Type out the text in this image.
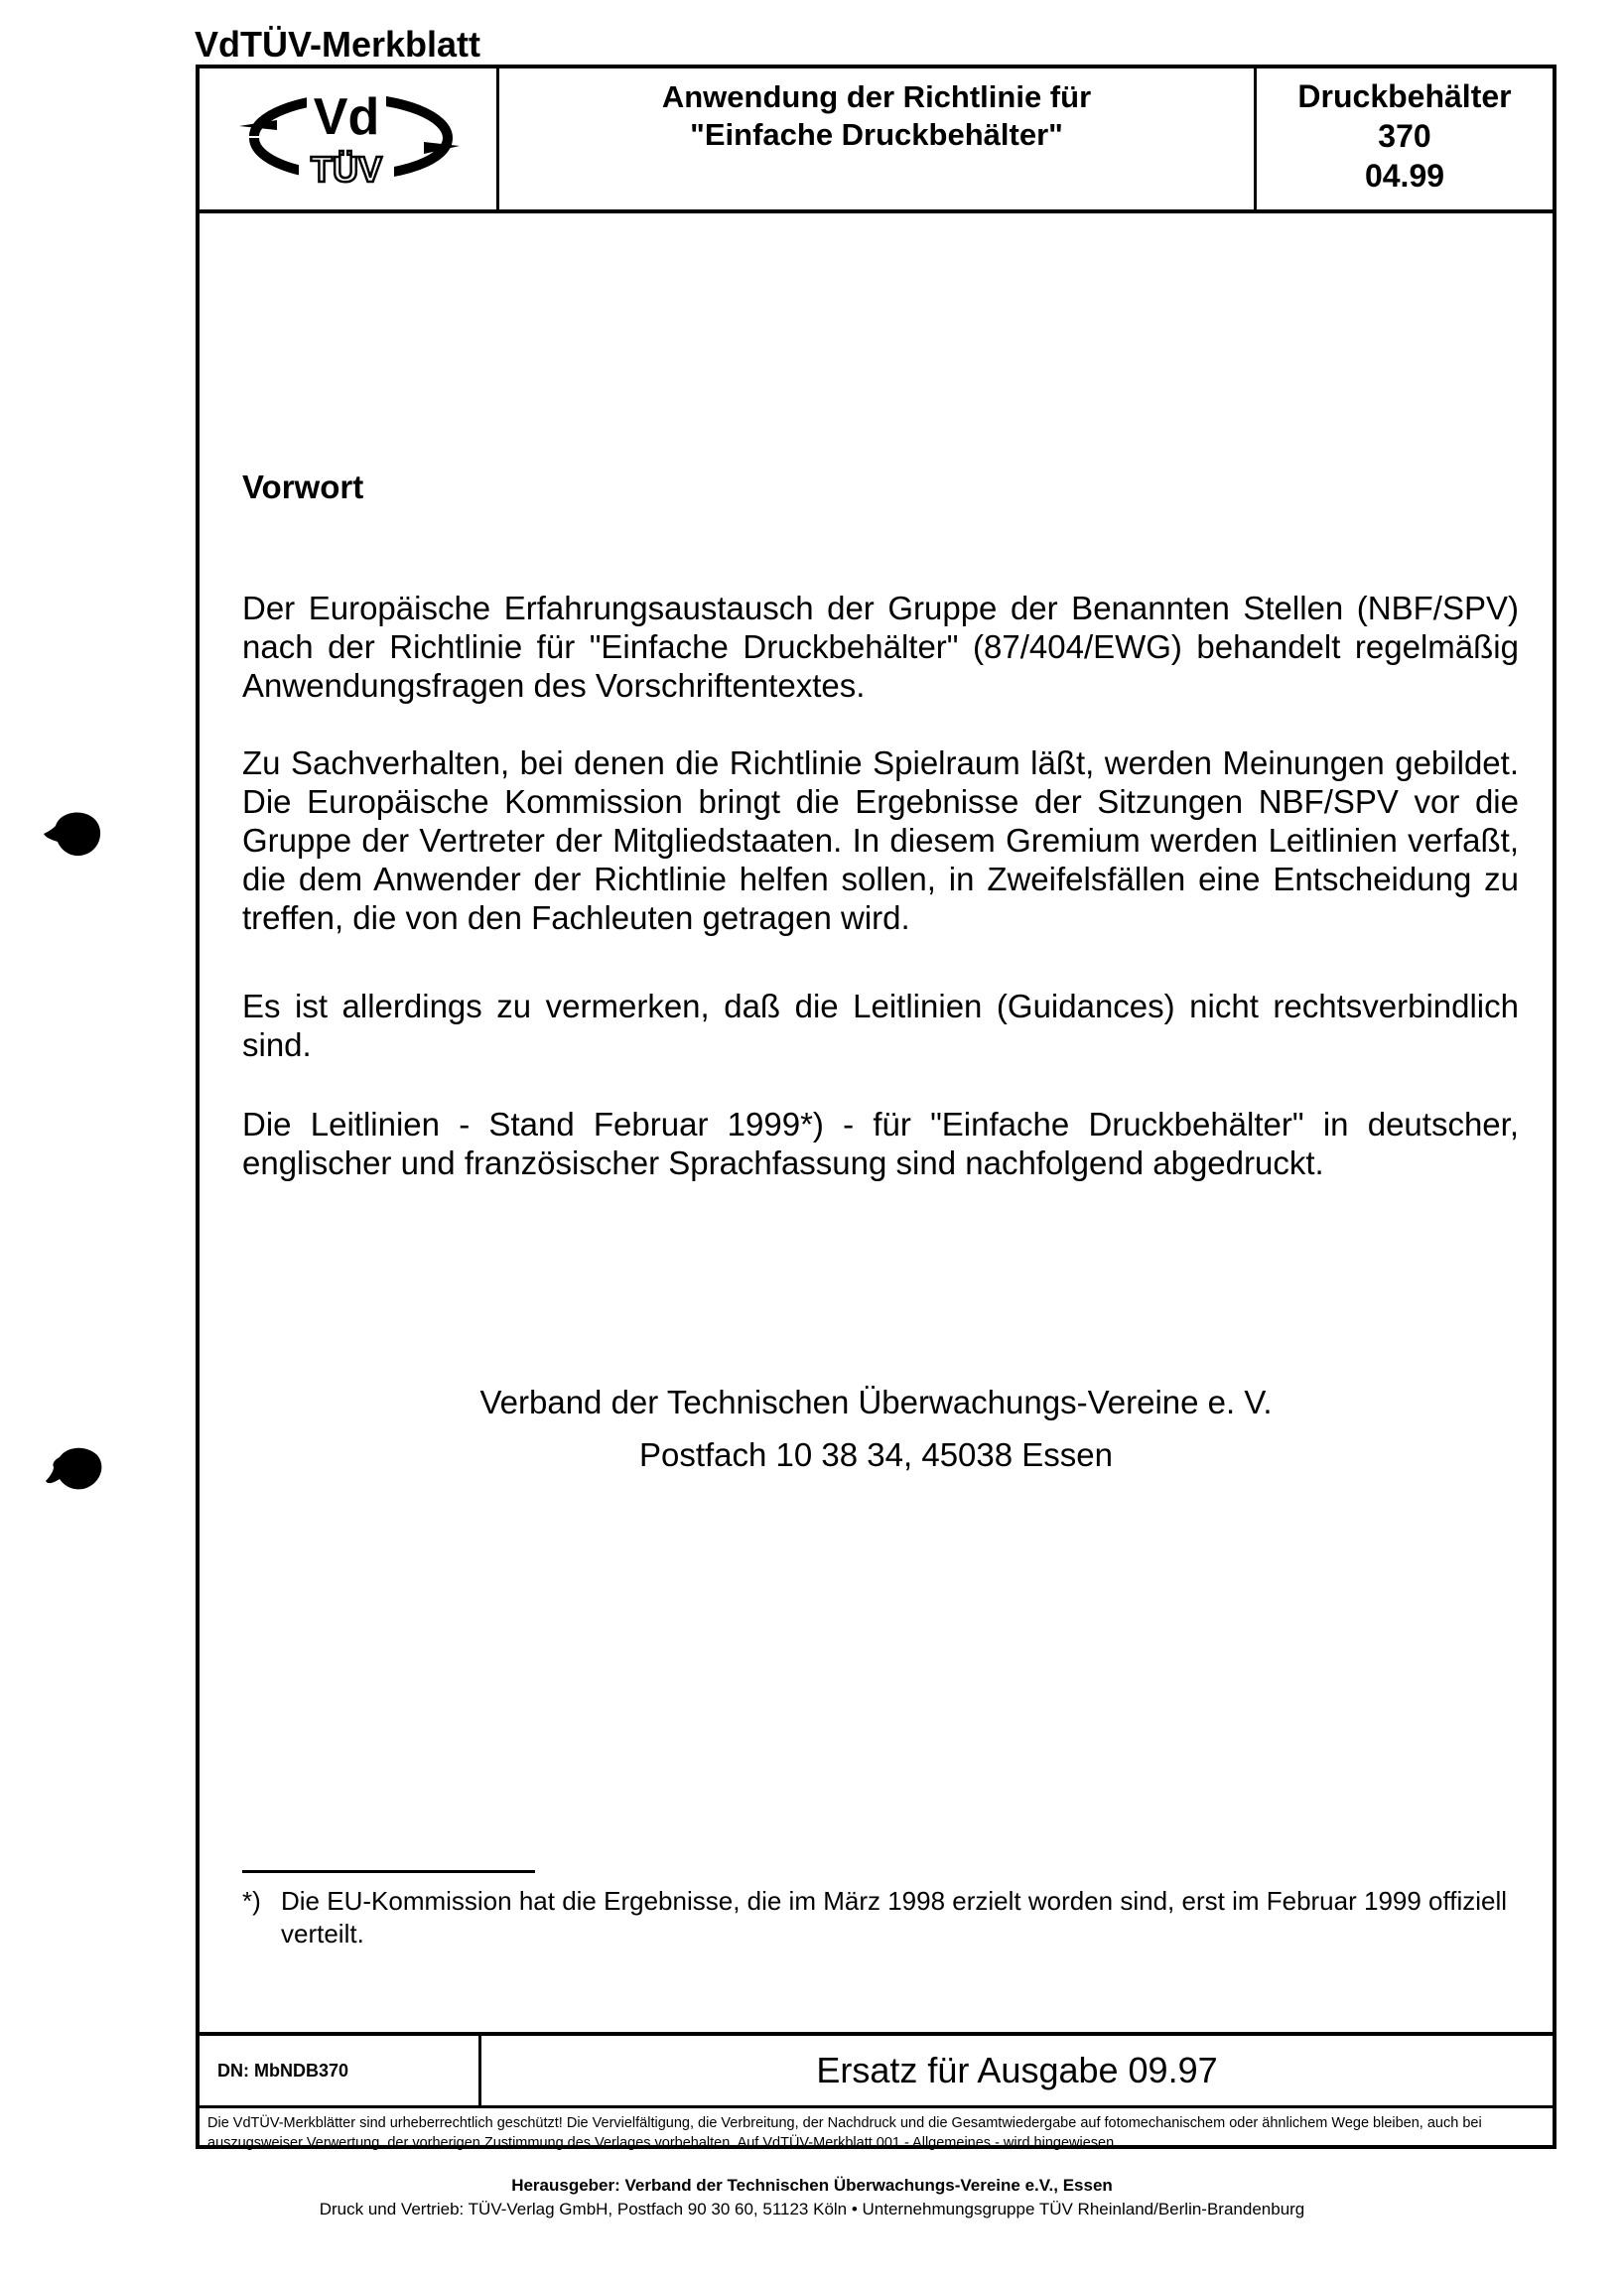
VdTÜV-Merkblatt
Vd
TÜV
Anwendung der Richtlinie für
"Einfache Druckbehälter"
Druckbehälter
370
04.99
Vorwort
Der Europäische Erfahrungsaustausch der Gruppe der Benannten Stellen (NBF/SPV) nach der Richtlinie für "Einfache Druckbehälter" (87/404/EWG) behandelt regelmäßig Anwendungsfragen des Vorschriftentextes.
Zu Sachverhalten, bei denen die Richtlinie Spielraum läßt, werden Meinungen gebildet. Die Europäische Kommission bringt die Ergebnisse der Sitzungen NBF/SPV vor die Gruppe der Vertreter der Mitgliedstaaten. In diesem Gremium werden Leitlinien verfaßt, die dem Anwender der Richtlinie helfen sollen, in Zweifelsfällen eine Entscheidung zu treffen, die von den Fachleuten getragen wird.
Es ist allerdings zu vermerken, daß die Leitlinien (Guidances) nicht rechtsverbindlich sind.
Die Leitlinien - Stand Februar 1999*) - für "Einfache Druckbehälter" in deutscher, englischer und französischer Sprachfassung sind nachfolgend abgedruckt.
Verband der Technischen Überwachungs-Vereine e. V.
Postfach 10 38 34, 45038 Essen
*) Die EU-Kommission hat die Ergebnisse, die im März 1998 erzielt worden sind, erst im Februar 1999 offiziell verteilt.
DN: MbNDB370	Ersatz für Ausgabe 09.97
Die VdTÜV-Merkblätter sind urheberrechtlich geschützt! Die Vervielfältigung, die Verbreitung, der Nachdruck und die Gesamtwiedergabe auf fotomechanischem oder ähnlichem Wege bleiben, auch bei auszugsweiser Verwertung, der vorherigen Zustimmung des Verlages vorbehalten. Auf VdTÜV-Merkblatt 001 - Allgemeines - wird hingewiesen.
Herausgeber: Verband der Technischen Überwachungs-Vereine e.V., Essen
Druck und Vertrieb: TÜV-Verlag GmbH, Postfach 90 30 60, 51123 Köln • Unternehmungsgruppe TÜV Rheinland/Berlin-Brandenburg
